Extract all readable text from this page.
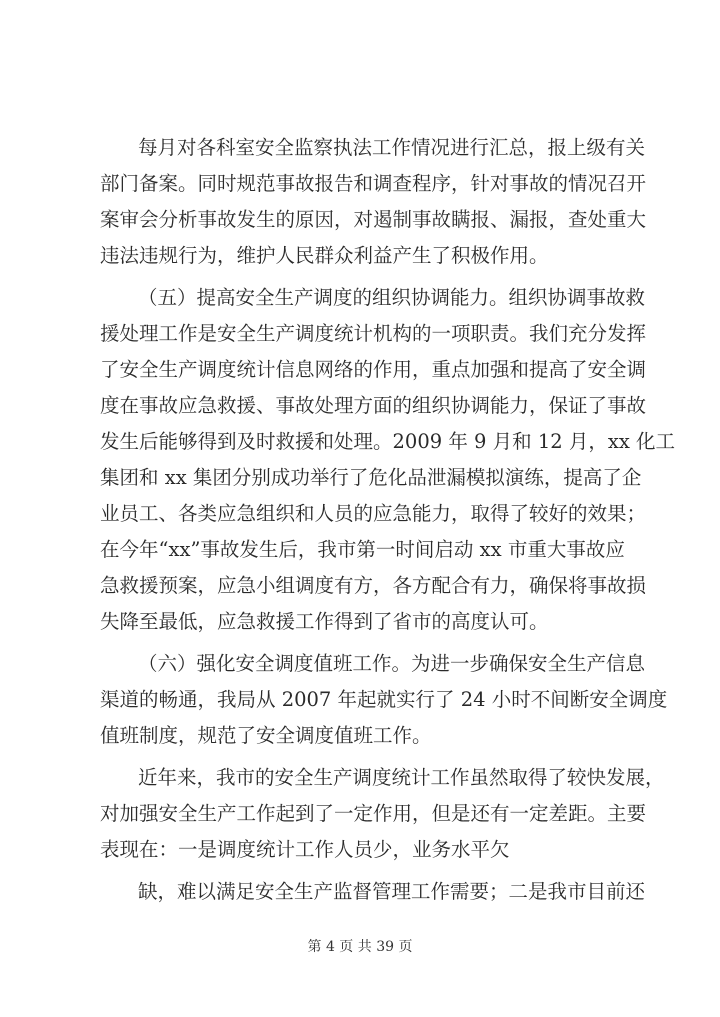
每月对各科室安全监察执法工作情况进行汇总，报上级有关
部门备案。同时规范事故报告和调查程序，针对事故的情况召开
案审会分析事故发生的原因，对遏制事故瞒报、漏报，查处重大
违法违规行为，维护人民群众利益产生了积极作用。
（五）提高安全生产调度的组织协调能力。组织协调事故救
援处理工作是安全生产调度统计机构的一项职责。我们充分发挥
了安全生产调度统计信息网络的作用，重点加强和提高了安全调
度在事故应急救援、事故处理方面的组织协调能力，保证了事故
发生后能够得到及时救援和处理。2009 年 9 月和 12 月，xx 化工
集团和 xx 集团分别成功举行了危化品泄漏模拟演练，提高了企
业员工、各类应急组织和人员的应急能力，取得了较好的效果；
在今年“xx”事故发生后，我市第一时间启动 xx 市重大事故应
急救援预案，应急小组调度有方，各方配合有力，确保将事故损
失降至最低，应急救援工作得到了省市的高度认可。
（六）强化安全调度值班工作。为进一步确保安全生产信息
渠道的畅通，我局从 2007 年起就实行了 24 小时不间断安全调度
值班制度，规范了安全调度值班工作。
近年来，我市的安全生产调度统计工作虽然取得了较快发展，
对加强安全生产工作起到了一定作用，但是还有一定差距。主要
表现在：一是调度统计工作人员少，业务水平欠
缺，难以满足安全生产监督管理工作需要；二是我市目前还
第 4 页 共 39 页
